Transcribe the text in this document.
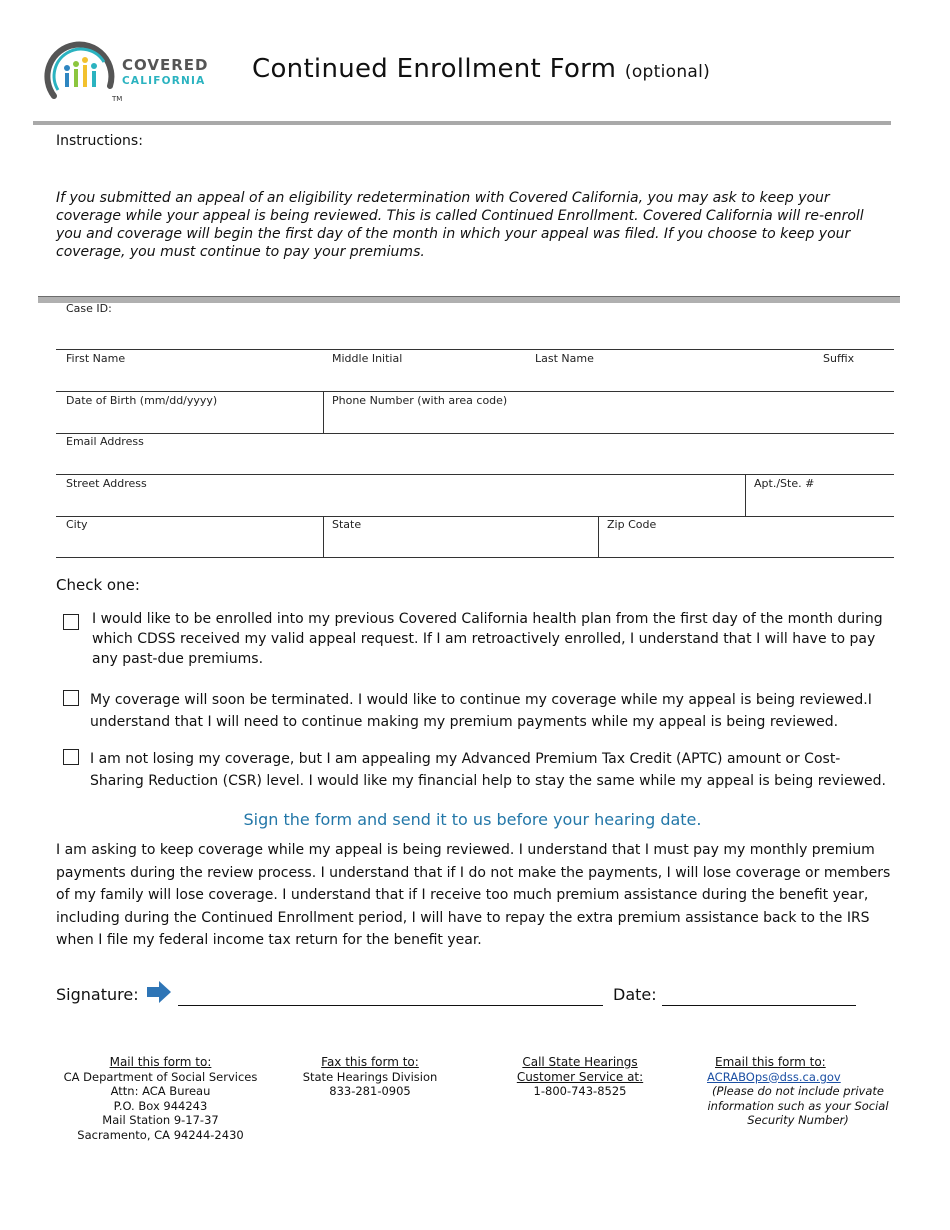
COVERED
CALIFORNIA
TM
Continued Enrollment Form (optional)
Instructions:
If you submitted an appeal of an eligibility redetermination with Covered California, you may ask to keep your coverage while your appeal is being reviewed. This is called Continued Enrollment. Covered California will re-enroll you and coverage will begin the first day of the month in which your appeal was filed. If you choose to keep your coverage, you must continue to pay your premiums.
Case ID:
First Name	Middle Initial	Last Name	Suffix
Date of Birth (mm/dd/yyyy)	Phone Number (with area code)
Email Address
Street Address	Apt./Ste. #
City	State	Zip Code
Check one:
I would like to be enrolled into my previous Covered California health plan from the first day of the month during which CDSS received my valid appeal request. If I am retroactively enrolled, I understand that I will have to pay any past-due premiums.
My coverage will soon be terminated. I would like to continue my coverage while my appeal is being reviewed.I understand that I will need to continue making my premium payments while my appeal is being reviewed.
I am not losing my coverage, but I am appealing my Advanced Premium Tax Credit (APTC) amount or Cost-Sharing Reduction (CSR) level. I would like my financial help to stay the same while my appeal is being reviewed.
Sign the form and send it to us before your hearing date.
I am asking to keep coverage while my appeal is being reviewed. I understand that I must pay my monthly premium payments during the review process. I understand that if I do not make the payments, I will lose coverage or members of my family will lose coverage. I understand that if I receive too much premium assistance during the benefit year, including during the Continued Enrollment period, I will have to repay the extra premium assistance back to the IRS when I file my federal income tax return for the benefit year.
Signature:	Date:
Mail this form to:
CA Department of Social Services
Attn: ACA Bureau
P.O. Box 944243
Mail Station 9-17-37
Sacramento, CA 94244-2430
Fax this form to:
State Hearings Division
833-281-0905
Call State Hearings
Customer Service at:
1-800-743-8525
Email this form to:
ACRABOps@dss.ca.gov
(Please do not include private information such as your Social Security Number)
